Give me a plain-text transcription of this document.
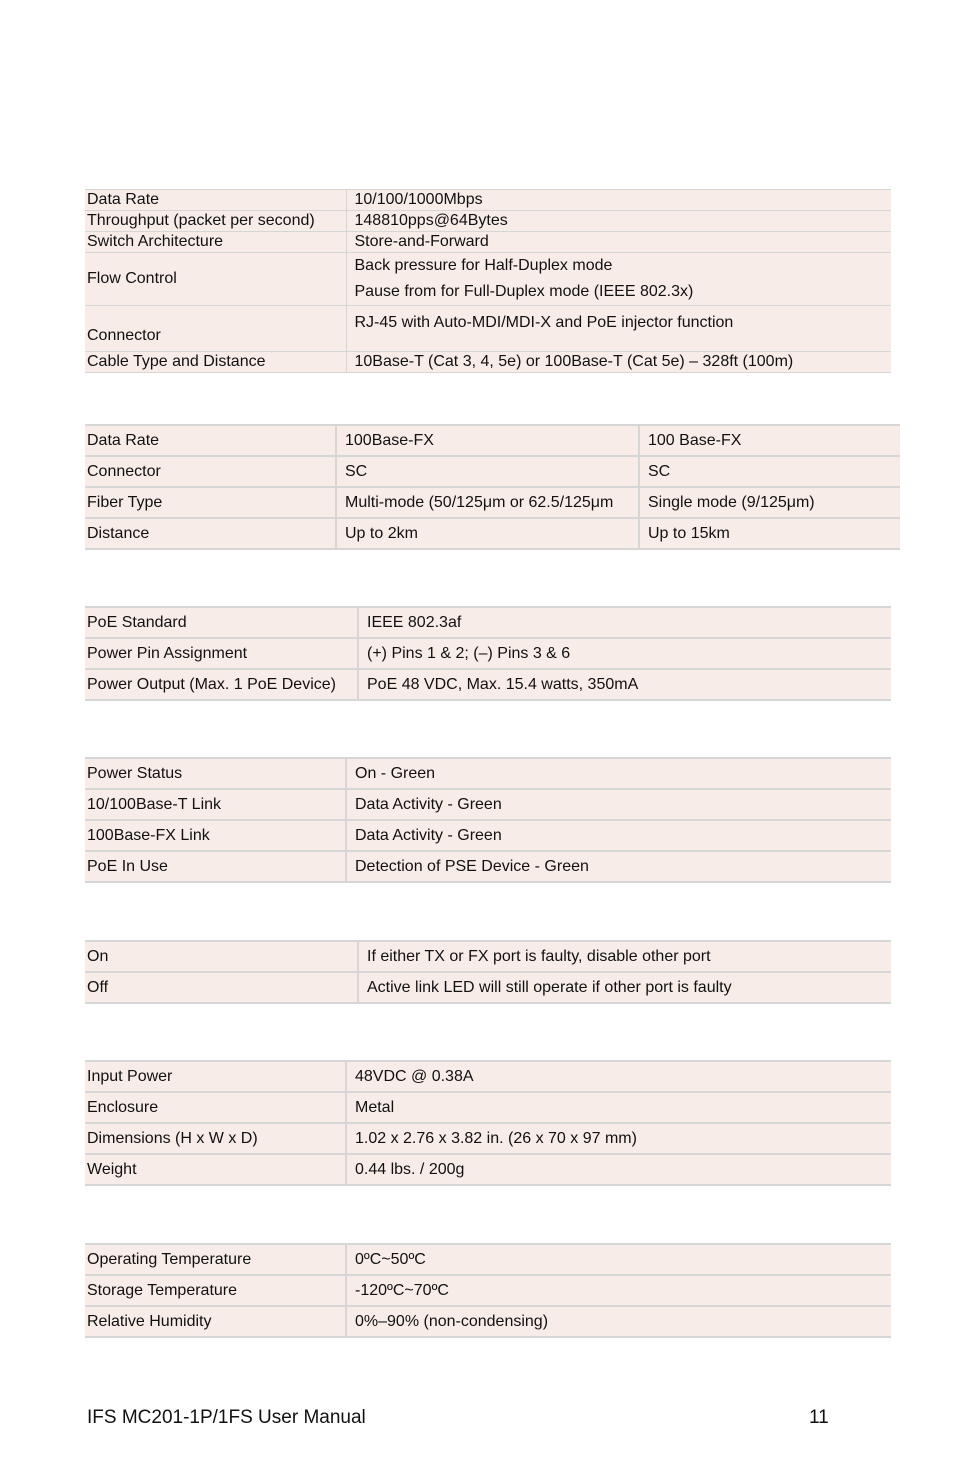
Data Rate	10/100/1000Mbps
Throughput (packet per second)	148810pps@64Bytes
Switch Architecture	Store-and-Forward
Flow Control	Back pressure for Half-Duplex mode
Pause from for Full-Duplex mode (IEEE 802.3x)

Connector	RJ-45 with Auto-MDI/MDI-X and PoE injector function
Cable Type and Distance	10Base-T (Cat 3, 4, 5e) or 100Base-T (Cat 5e) – 328ft (100m)
Data Rate	100Base-FX	100 Base-FX
Connector	SC	SC
Fiber Type	Multi-mode (50/125μm or 62.5/125μm	Single mode (9/125μm)
Distance	Up to 2km	Up to 15km
PoE Standard	IEEE 802.3af
Power Pin Assignment	(+) Pins 1 & 2; (–) Pins 3 & 6
Power Output (Max. 1 PoE Device)	PoE 48 VDC, Max. 15.4 watts, 350mA
Power Status	On - Green
10/100Base-T Link	Data Activity - Green
100Base-FX Link	Data Activity - Green
PoE In Use	Detection of PSE Device - Green
On	If either TX or FX port is faulty, disable other port
Off	Active link LED will still operate if other port is faulty
Input Power	48VDC @ 0.38A
Enclosure	Metal
Dimensions (H x W x D)	1.02 x 2.76 x 3.82 in. (26 x 70 x 97 mm)
Weight	0.44 lbs. / 200g
Operating Temperature	0ºC~50ºC
Storage Temperature	-120ºC~70ºC
Relative Humidity	0%–90% (non-condensing)
IFS MC201-1P/1FS User Manual	11
